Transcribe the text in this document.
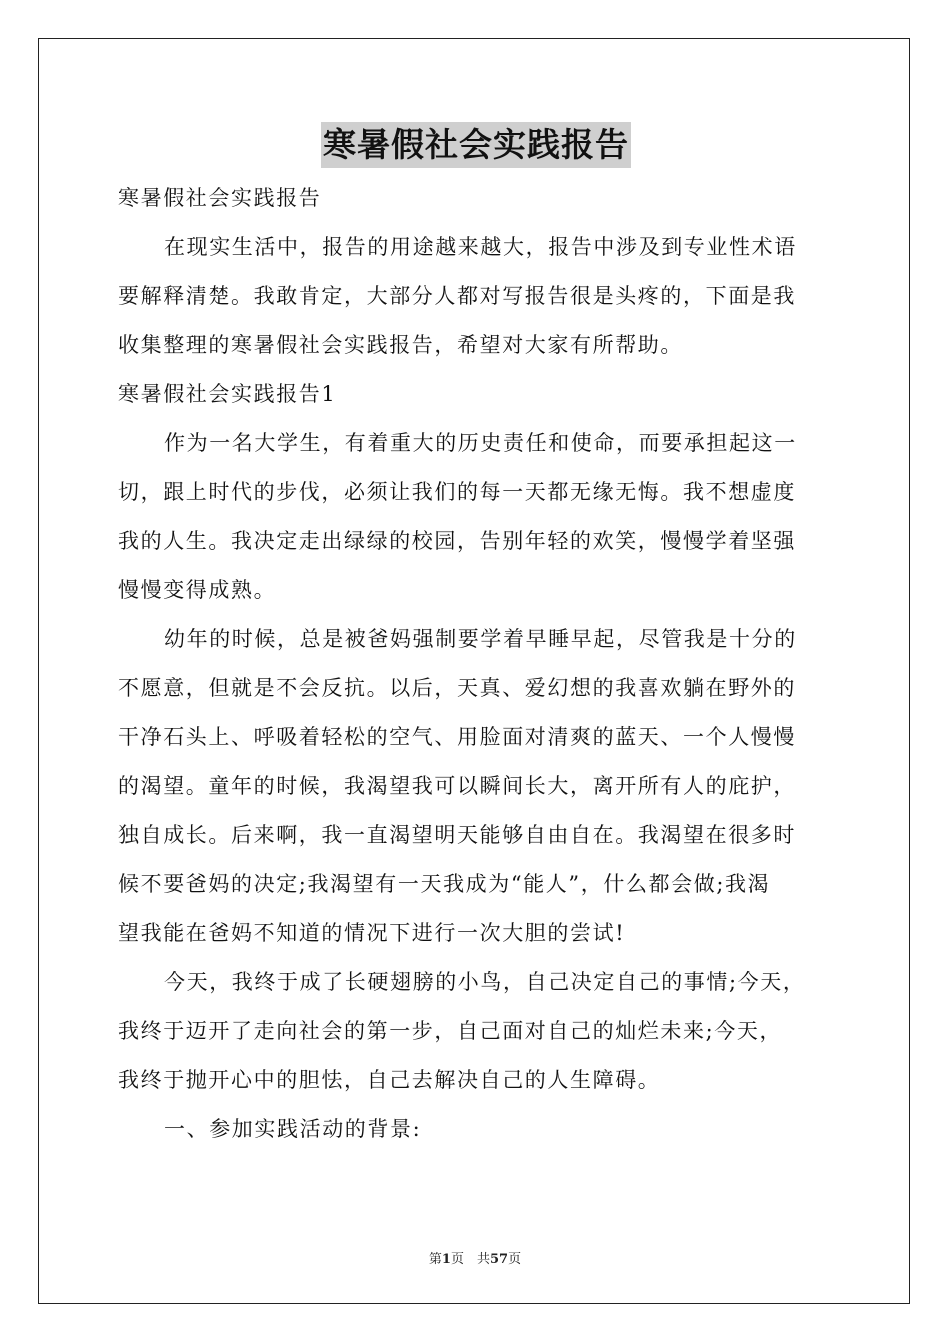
寒暑假社会实践报告

寒暑假社会实践报告

在现实生活中，报告的用途越来越大，报告中涉及到专业性术语

要解释清楚。我敢肯定，大部分人都对写报告很是头疼的，下面是我

收集整理的寒暑假社会实践报告，希望对大家有所帮助。

寒暑假社会实践报告1

作为一名大学生，有着重大的历史责任和使命，而要承担起这一

切，跟上时代的步伐，必须让我们的每一天都无缘无悔。我不想虚度

我的人生。我决定走出绿绿的校园，告别年轻的欢笑，慢慢学着坚强

慢慢变得成熟。

幼年的时候，总是被爸妈强制要学着早睡早起，尽管我是十分的

不愿意，但就是不会反抗。以后，天真、爱幻想的我喜欢躺在野外的

干净石头上、呼吸着轻松的空气、用脸面对清爽的蓝天、一个人慢慢

的渴望。童年的时候，我渴望我可以瞬间长大，离开所有人的庇护，

独自成长。后来啊，我一直渴望明天能够自由自在。我渴望在很多时

候不要爸妈的决定;我渴望有一天我成为“能人”，什么都会做;我渴

望我能在爸妈不知道的情况下进行一次大胆的尝试!

今天，我终于成了长硬翅膀的小鸟，自己决定自己的事情;今天，

我终于迈开了走向社会的第一步，自己面对自己的灿烂未来;今天，

我终于抛开心中的胆怯，自己去解决自己的人生障碍。

一、参加实践活动的背景:

第1页　共57页
